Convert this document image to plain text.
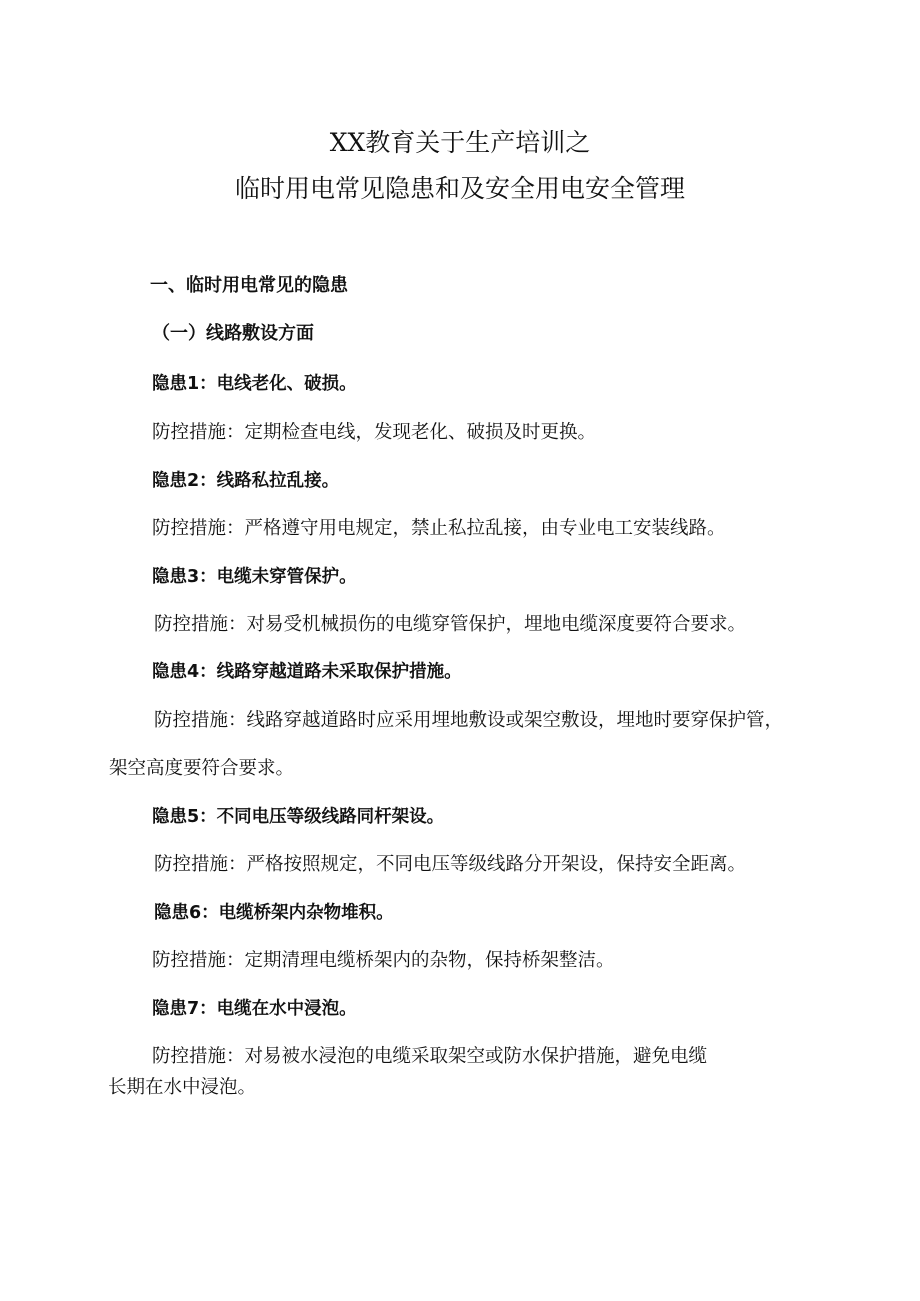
XX教育关于生产培训之
临时用电常见隐患和及安全用电安全管理
一、临时用电常见的隐患
（一）线路敷设方面
隐患1：电线老化、破损。
防控措施：定期检查电线，发现老化、破损及时更换。
隐患2：线路私拉乱接。
防控措施：严格遵守用电规定，禁止私拉乱接，由专业电工安装线路。
隐患3：电缆未穿管保护。
防控措施：对易受机械损伤的电缆穿管保护，埋地电缆深度要符合要求。
隐患4：线路穿越道路未采取保护措施。
防控措施：线路穿越道路时应采用埋地敷设或架空敷设，埋地时要穿保护管，
架空高度要符合要求。
隐患5：不同电压等级线路同杆架设。
防控措施：严格按照规定，不同电压等级线路分开架设，保持安全距离。
隐患6：电缆桥架内杂物堆积。
防控措施：定期清理电缆桥架内的杂物，保持桥架整洁。
隐患7：电缆在水中浸泡。
防控措施：对易被水浸泡的电缆采取架空或防水保护措施，避免电缆
长期在水中浸泡。
